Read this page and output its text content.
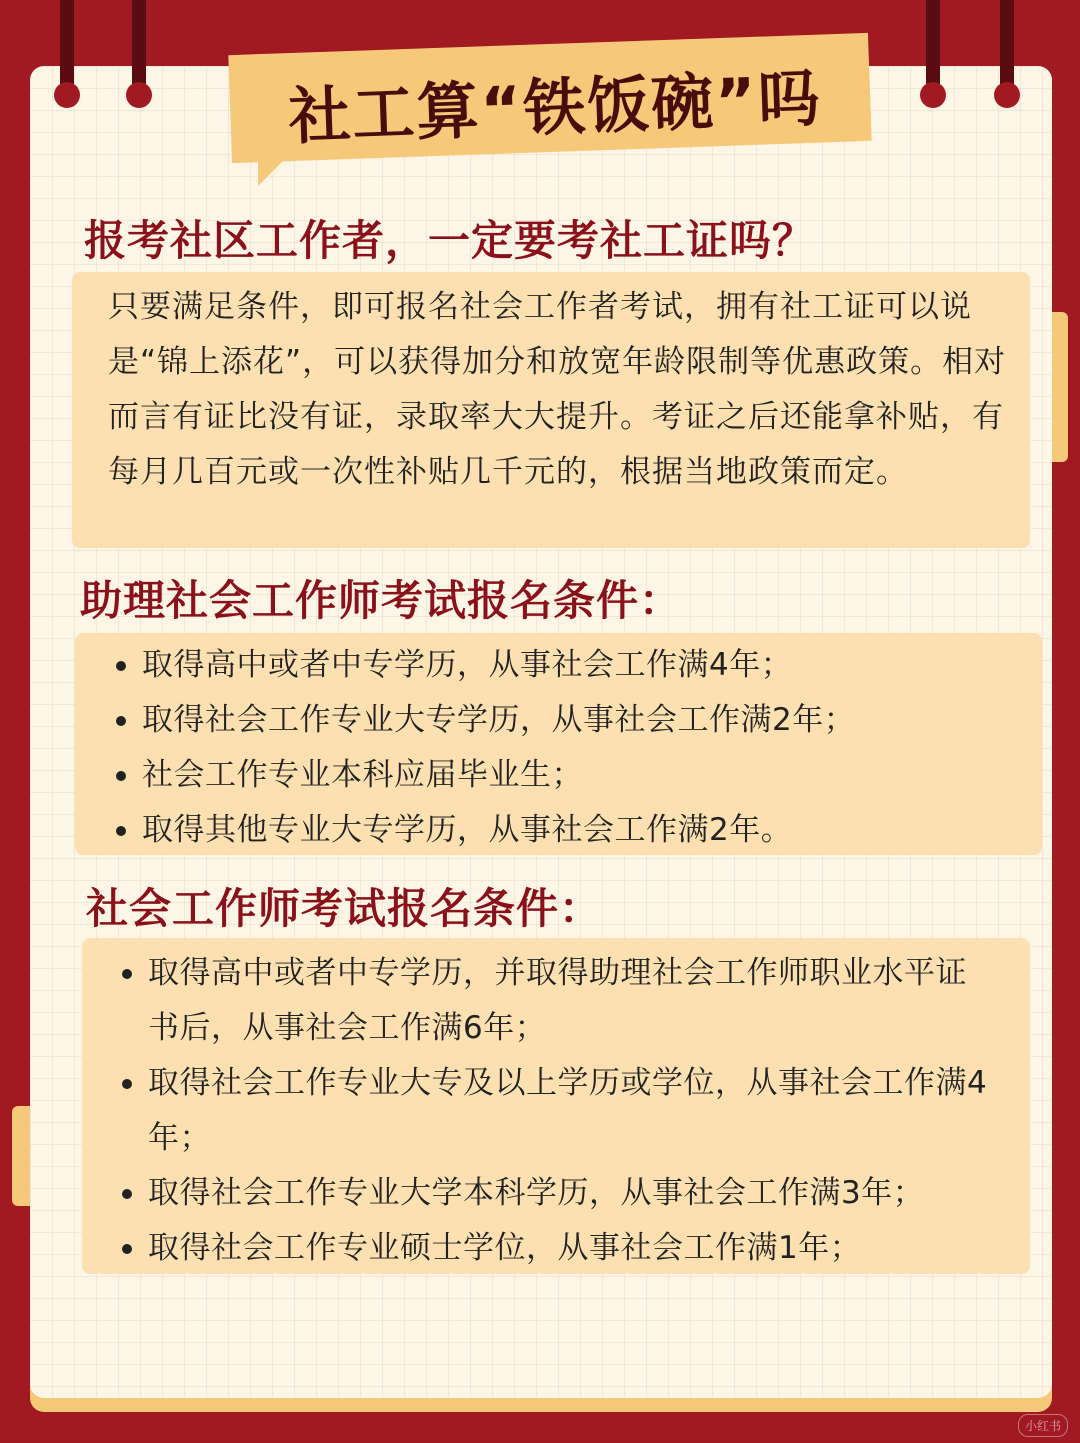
社工算“铁饭碗”吗
报考社区工作者，一定要考社工证吗？
只要满足条件，即可报名社会工作者考试，拥有社工证可以说是“锦上添花”，可以获得加分和放宽年龄限制等优惠政策。相对而言有证比没有证，录取率大大提升。考证之后还能拿补贴，有每月几百元或一次性补贴几千元的，根据当地政策而定。
助理社会工作师考试报名条件：
取得高中或者中专学历，从事社会工作满4年；
取得社会工作专业大专学历，从事社会工作满2年；
社会工作专业本科应届毕业生；
取得其他专业大专学历，从事社会工作满2年。
社会工作师考试报名条件：
取得高中或者中专学历，并取得助理社会工作师职业水平证书后，从事社会工作满6年；
取得社会工作专业大专及以上学历或学位，从事社会工作满4年；
取得社会工作专业大学本科学历，从事社会工作满3年；
取得社会工作专业硕士学位，从事社会工作满1年；
小红书
